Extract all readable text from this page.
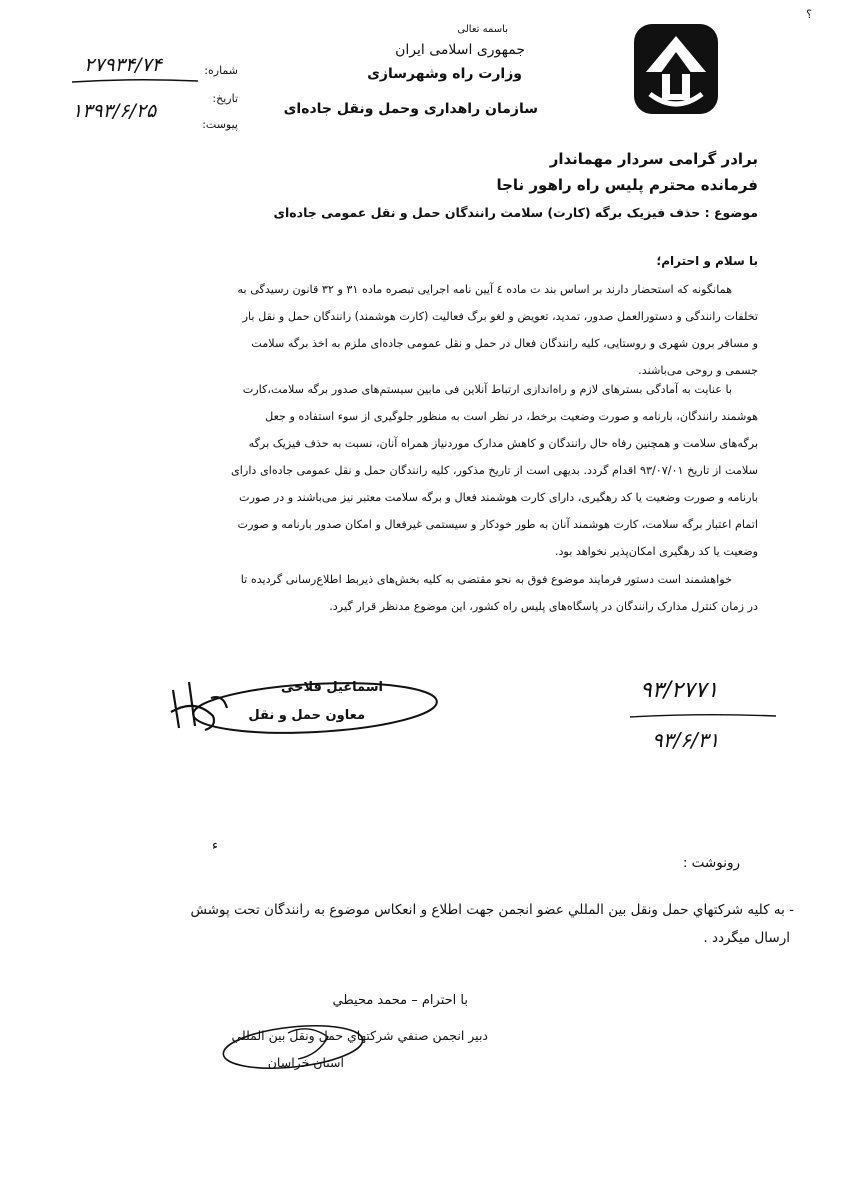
؟
باسمه تعالی
جمهوری اسلامی ایران
وزارت راه وشهرسازی
سازمان راهداری وحمل ونقل جاده‌ای
شماره:
تاریخ:
پیوست:
۲۷۹۳۴/۷۴
۱۳۹۳/۶/۲۵
برادر گرامی سردار مهماندار
فرمانده محترم پلیس راه راهور ناجا
موضوع : حذف فیزیک برگه (کارت) سلامت رانندگان حمل و نقل عمومی جاده‌ای
با سلام و احترام؛

همانگونه که استحضار دارند بر اساس بند ت ماده ٤ آیین نامه اجرایی تبصره ماده ۳۱ و ۳۲ قانون رسیدگی به

تخلفات رانندگی و دستورالعمل صدور، تمدید، تعویض و لغو برگ فعالیت (کارت هوشمند) رانندگان حمل و نقل بار

و مسافر برون شهری و روستایی، کلیه رانندگان فعال در حمل و نقل عمومی جاده‌ای ملزم به اخذ برگه سلامت

جسمی و روحی می‌باشند.

با عنایت به آمادگی بسترهای لازم و راه‌اندازی ارتباط آنلاین فی مابین سیستم‌های صدور برگه سلامت،کارت

هوشمند رانندگان، بارنامه و صورت وضعیت برخط، در نظر است به منظور جلوگیری از سوء استفاده و جعل

برگه‌های سلامت و همچنین رفاه حال رانندگان و کاهش مدارک موردنیاز همراه آنان، نسبت به حذف فیزیک برگه

سلامت از تاریخ ۹۳/۰۷/۰۱ اقدام گردد. بدیهی است از تاریخ مذکور، کلیه رانندگان حمل و نقل عمومی جاده‌ای دارای

بارنامه و صورت وضعیت یا کد رهگیری، دارای کارت هوشمند فعال و برگه سلامت معتبر نیز می‌باشند و در صورت

اتمام اعتبار برگه سلامت، کارت هوشمند آنان به طور خودکار و سیستمی غیرفعال و امکان صدور بارنامه و صورت

وضعیت یا کد رهگیری امکان‌پذیر نخواهد بود.

خواهشمند است دستور فرمایند موضوع فوق به نحو مقتضی به کلیه بخش‌های ذیربط اطلاع‌رسانی گردیده تا

در زمان کنترل مدارک رانندگان در پاسگاه‌های پلیس راه کشور، این موضوع مدنظر قرار گیرد.

اسماعیل فلاحی
معاون حمل و نقل
۹۳/۲۷۷۱
۹۳/۶/۳۱
ء
رونوشت :
- به كليه شركتهاي حمل ونقل بين المللي عضو انجمن جهت اطلاع و انعكاس موضوع به رانندگان تحت پوشش
ارسال ميگردد .
با احترام – محمد محيطي
دبير انجمن صنفي شركتهاي حمل ونقل بين المللي
استان خراسان
